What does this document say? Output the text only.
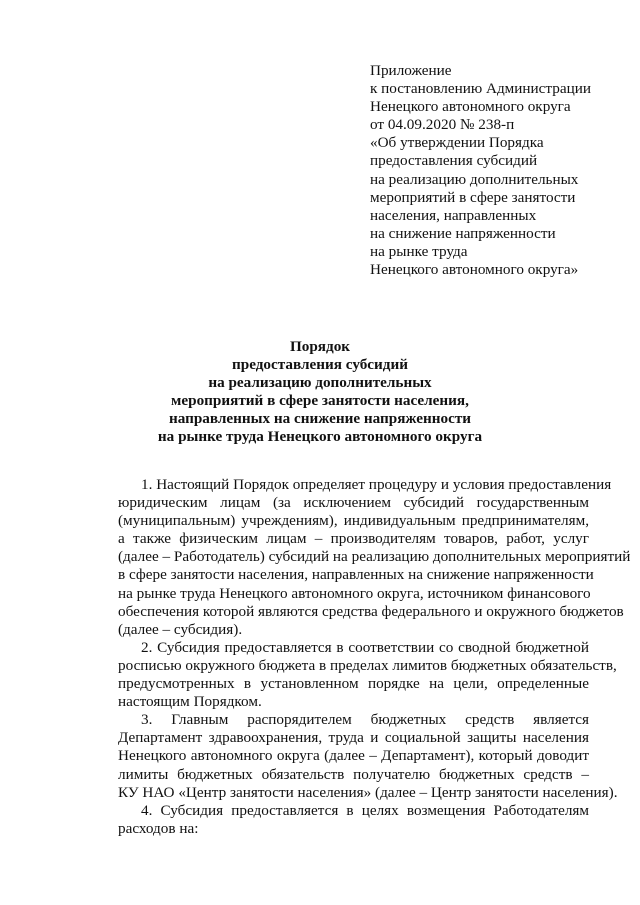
Приложение
к постановлению Администрации
Ненецкого автономного округа
от 04.09.2020 № 238-п
«Об утверждении Порядка
предоставления субсидий
на реализацию дополнительных
мероприятий в сфере занятости
населения, направленных
на снижение напряженности
на рынке труда
Ненецкого автономного округа»
Порядок
предоставления субсидий
на реализацию дополнительных
мероприятий в сфере занятости населения,
направленных на снижение напряженности
на рынке труда Ненецкого автономного округа
1. Настоящий Порядок определяет процедуру и условия предоставления
юридическим лицам (за исключением субсидий государственным
(муниципальным) учреждениям), индивидуальным предпринимателям,
а также физическим лицам – производителям товаров, работ, услуг
(далее – Работодатель) субсидий на реализацию дополнительных мероприятий
в сфере занятости населения, направленных на снижение напряженности
на рынке труда Ненецкого автономного округа, источником финансового
обеспечения которой являются средства федерального и окружного бюджетов
(далее – субсидия).
2. Субсидия предоставляется в соответствии со сводной бюджетной
росписью окружного бюджета в пределах лимитов бюджетных обязательств,
предусмотренных в установленном порядке на цели, определенные
настоящим Порядком.
3. Главным распорядителем бюджетных средств является
Департамент здравоохранения, труда и социальной защиты населения
Ненецкого автономного округа (далее – Департамент), который доводит
лимиты бюджетных обязательств получателю бюджетных средств –
КУ НАО «Центр занятости населения» (далее – Центр занятости населения).
4. Субсидия предоставляется в целях возмещения Работодателям
расходов на:
